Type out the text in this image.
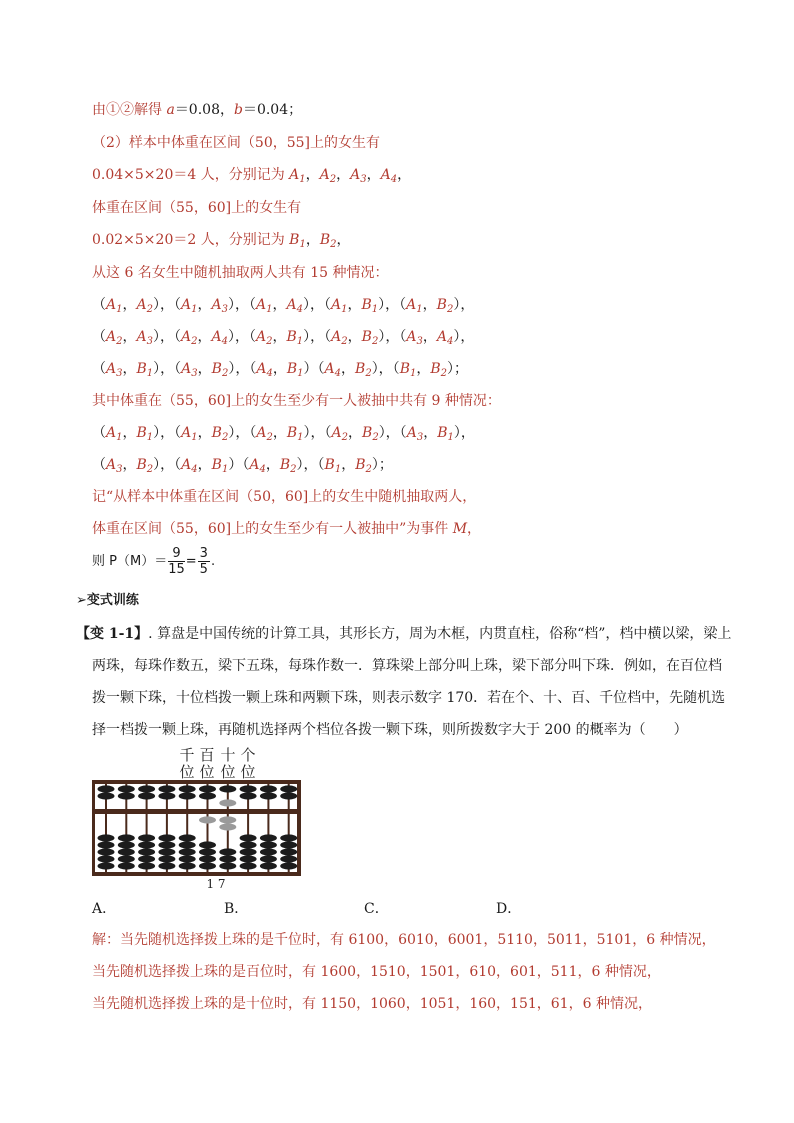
由①②解得 a＝0.08，b＝0.04；
（2）样本中体重在区间（50，55]上的女生有
0.04×5×20＝4 人，分别记为 $A_1$，$A_2$，$A_3$，$A_4$，
体重在区间（55，60]上的女生有
0.02×5×20＝2 人，分别记为 $B_1$，$B_2$，
从这 6 名女生中随机抽取两人共有 15 种情况：
（$A_1$，$A_2$），（$A_1$，$A_3$），（$A_1$，$A_4$），（$A_1$，$B_1$），（$A_1$，$B_2$），
（$A_2$，$A_3$），（$A_2$，$A_4$），（$A_2$，$B_1$），（$A_2$，$B_2$），（$A_3$，$A_4$），
（$A_3$，$B_1$），（$A_3$，$B_2$），（$A_4$，$B_1)(A_4$，$B_2$），（$B_1$，$B_2$）；
其中体重在（55，60]上的女生至少有一人被抽中共有 9 种情况：
（$A_1$，$B_1$），（$A_1$，$B_2$），（$A_2$，$B_1$），（$A_2$，$B_2$），（$A_3$，$B_1$），
（$A_3$，$B_2$），（$A_4$，$B_1)(A_4$，$B_2$），（$B_1$，$B_2$）；
记“从样本中体重在区间（50，60]上的女生中随机抽取两人，
体重在区间（55，60]上的女生至少有一人被抽中”为事件 M，
则 $P(M)= \frac{9}{15} = \frac{3}{5}$ .
➢变式训练
【变 1-1】. 算盘是中国传统的计算工具，其形长方，周为木框，内贯直柱，俗称“档”，档中横以梁，梁上
两珠，每珠作数五，梁下五珠，每珠作数一．算珠梁上部分叫上珠，梁下部分叫下珠．例如，在百位档
拨一颗下珠，十位档拨一颗上珠和两颗下珠，则表示数字 170．若在个、十、百、千位档中，先随机选
择一档拨一颗上珠，再随机选择两个档位各拨一颗下珠，则所拨数字大于 200 的概率为（　　）
千 百 十 个
位 位 位 位
1 7
A．	B．	C．	D．
解：当先随机选择拨上珠的是千位时，有 6100，6010，6001，5110，5011，5101，6 种情况，
当先随机选择拨上珠的是百位时，有 1600，1510，1501，610，601，511，6 种情况，
当先随机选择拨上珠的是十位时，有 1150，1060，1051，160，151，61，6 种情况，
